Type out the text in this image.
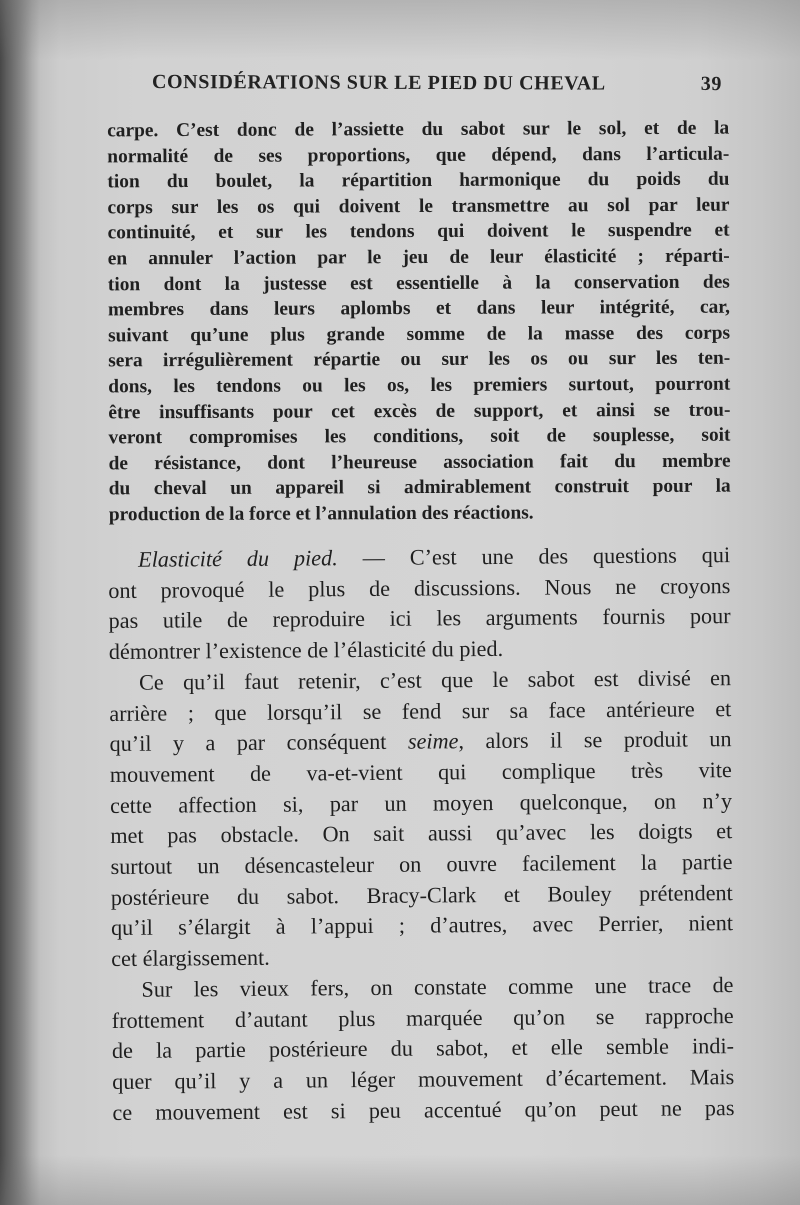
CONSIDÉRATIONS SUR LE PIED DU CHEVAL	39
carpe. C’est donc de l’assiette du sabot sur le sol, et de la
normalité de ses proportions, que dépend, dans l’articula-
tion du boulet, la répartition harmonique du poids du
corps sur les os qui doivent le transmettre au sol par leur
continuité, et sur les tendons qui doivent le suspendre et
en annuler l’action par le jeu de leur élasticité ; réparti-
tion dont la justesse est essentielle à la conservation des
membres dans leurs aplombs et dans leur intégrité, car,
suivant qu’une plus grande somme de la masse des corps
sera irrégulièrement répartie ou sur les os ou sur les ten-
dons, les tendons ou les os, les premiers surtout, pourront
être insuffisants pour cet excès de support, et ainsi se trou-
veront compromises les conditions, soit de souplesse, soit
de résistance, dont l’heureuse association fait du membre
du cheval un appareil si admirablement construit pour la
production de la force et l’annulation des réactions.
Elasticité du pied. — C’est une des questions qui
ont provoqué le plus de discussions. Nous ne croyons
pas utile de reproduire ici les arguments fournis pour
démontrer l’existence de l’élasticité du pied.
Ce qu’il faut retenir, c’est que le sabot est divisé en
arrière ; que lorsqu’il se fend sur sa face antérieure et
qu’il y a par conséquent seime, alors il se produit un
mouvement de va-et-vient qui complique très vite
cette affection si, par un moyen quelconque, on n’y
met pas obstacle. On sait aussi qu’avec les doigts et
surtout un désencasteleur on ouvre facilement la partie
postérieure du sabot. Bracy-Clark et Bouley prétendent
qu’il s’élargit à l’appui ; d’autres, avec Perrier, nient
cet élargissement.
Sur les vieux fers, on constate comme une trace de
frottement d’autant plus marquée qu’on se rapproche
de la partie postérieure du sabot, et elle semble indi-
quer qu’il y a un léger mouvement d’écartement. Mais
ce mouvement est si peu accentué qu’on peut ne pas
